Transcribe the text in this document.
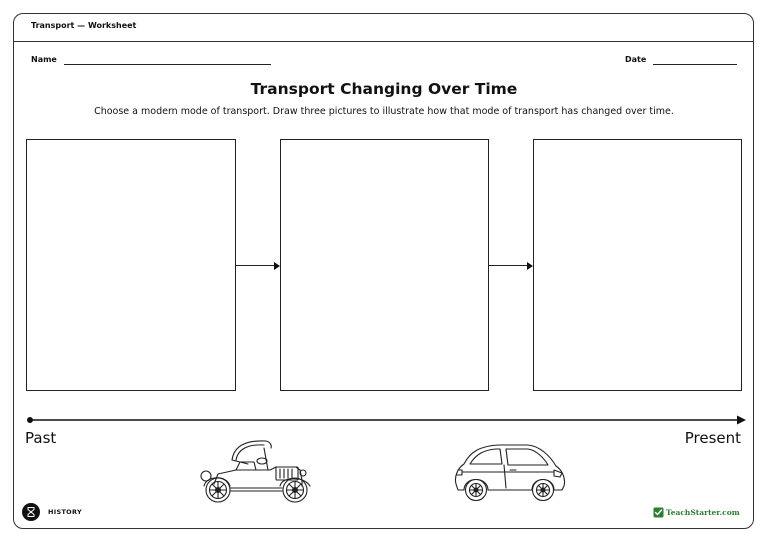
Transport — Worksheet
Name	Date
Transport Changing Over Time
Choose a modern mode of transport. Draw three pictures to illustrate how that mode of transport has changed over time.
Past	Present
HISTORY	TeachStarter.com
